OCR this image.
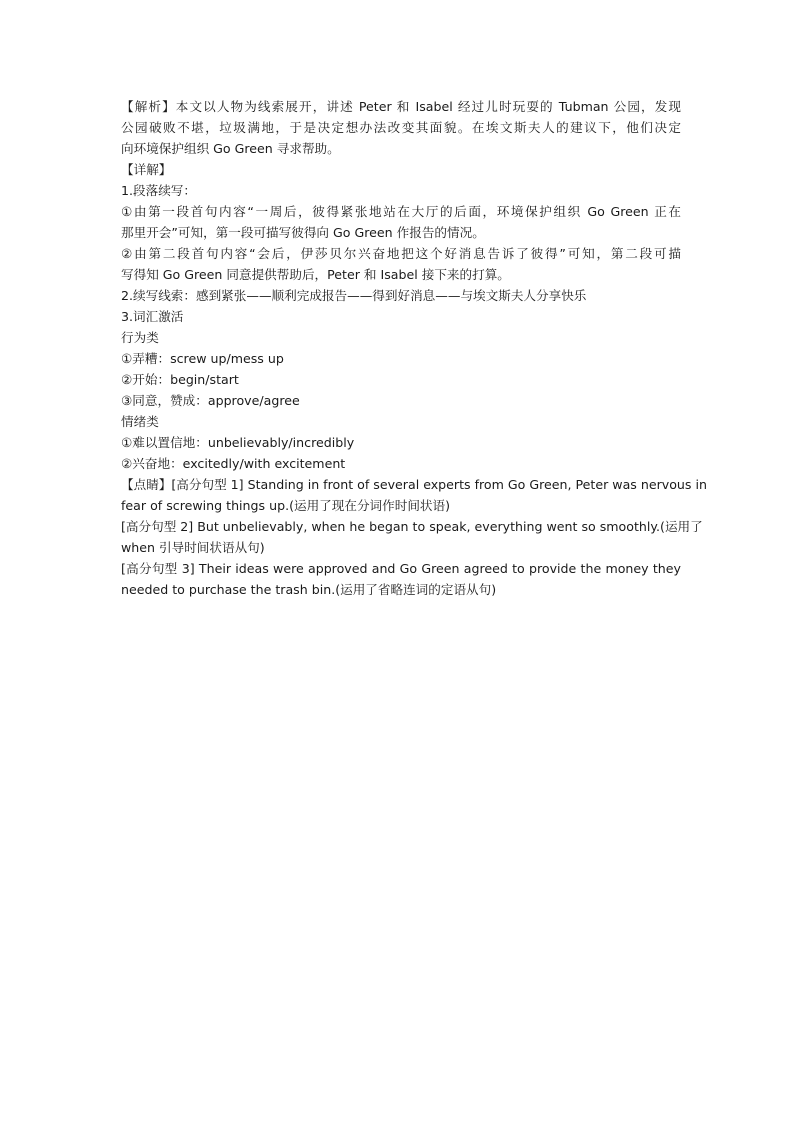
【解析】本文以人物为线索展开，讲述 Peter 和 Isabel 经过儿时玩耍的 Tubman 公园，发现
公园破败不堪，垃圾满地，于是决定想办法改变其面貌。在埃文斯夫人的建议下，他们决定
向环境保护组织 Go Green 寻求帮助。

【详解】

1.段落续写：

①由第一段首句内容“一周后，彼得紧张地站在大厅的后面，环境保护组织 Go Green 正在
那里开会”可知，第一段可描写彼得向 Go Green 作报告的情况。

②由第二段首句内容“会后，伊莎贝尔兴奋地把这个好消息告诉了彼得”可知，第二段可描
写得知 Go Green 同意提供帮助后，Peter 和 Isabel 接下来的打算。

2.续写线索：感到紧张——顺利完成报告——得到好消息——与埃文斯夫人分享快乐

3.词汇激活

行为类

①弄糟：screw up/mess up

②开始：begin/start

③同意，赞成：approve/agree

情绪类

①难以置信地：unbelievably/incredibly

②兴奋地：excitedly/with excitement

【点睛】[高分句型 1] Standing in front of several experts from Go Green, Peter was nervous in
fear of screwing things up.(运用了现在分词作时间状语)

[高分句型 2] But unbelievably, when he began to speak, everything went so smoothly.(运用了
when 引导时间状语从句)

[高分句型 3] Their ideas were approved and Go Green agreed to provide the money they
needed to purchase the trash bin.(运用了省略连词的定语从句)
